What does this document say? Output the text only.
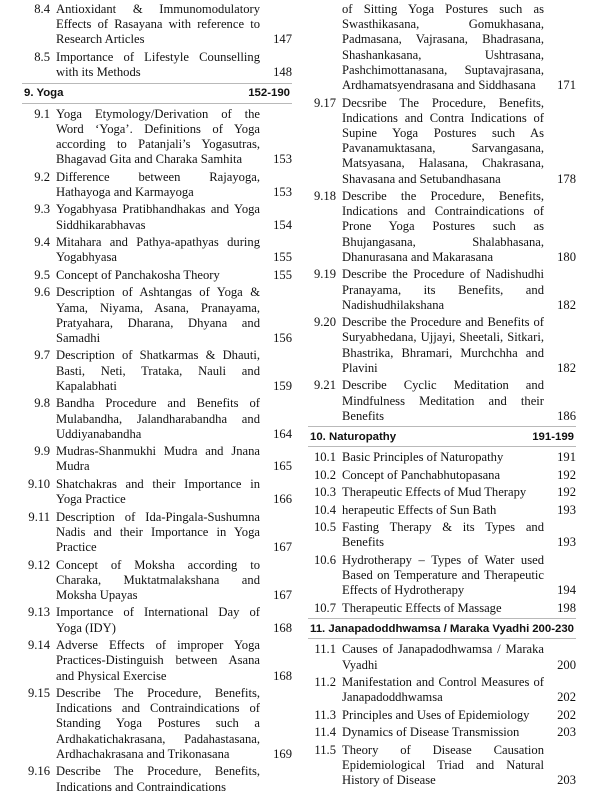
8.4 Antioxidant & Immunomodulatory Effects of Rasayana with reference to Research Articles	147
8.5 Importance of Lifestyle Counselling with its Methods	148
9. Yoga	152-190
9.1 Yoga Etymology/Derivation of the Word ‘Yoga’. Definitions of Yoga according to Patanjali’s Yogasutras, Bhagavad Gita and Charaka Samhita	153
9.2 Difference between Rajayoga, Hathayoga and Karmayoga	153
9.3 Yogabhyasa Pratibhandhakas and Yoga Siddhikarabhavas	154
9.4 Mitahara and Pathya-apathyas during Yogabhyasa	155
9.5 Concept of Panchakosha Theory	155
9.6 Description of Ashtangas of Yoga & Yama, Niyama, Asana, Pranayama, Pratyahara, Dharana, Dhyana and Samadhi	156
9.7 Description of Shatkarmas & Dhauti, Basti, Neti, Trataka, Nauli and Kapalabhati	159
9.8 Bandha Procedure and Benefits of Mulabandha, Jalandharabandha and Uddiyanabandha	164
9.9 Mudras-Shanmukhi Mudra and Jnana Mudra	165
9.10 Shatchakras and their Importance in Yoga Practice	166
9.11 Description of Ida-Pingala-Sushumna Nadis and their Importance in Yoga Practice	167
9.12 Concept of Moksha according to Charaka, Muktatmalakshana and Moksha Upayas	167
9.13 Importance of International Day of Yoga (IDY)	168
9.14 Adverse Effects of improper Yoga Practices-Distinguish between Asana and Physical Exercise	168
9.15 Describe The Procedure, Benefits, Indications and Contraindications of Standing Yoga Postures such a Ardhakatichakrasana, Padahastasana, Ardhachakrasana and Trikonasana	169
9.16 Describe The Procedure, Benefits, Indications and Contraindications
of Sitting Yoga Postures such as Swasthikasana, Gomukhasana, Padmasana, Vajrasana, Bhadrasana, Shashankasana, Ushtrasana, Pashchimottanasana, Suptavajrasana, Ardhamatsyendrasana and Siddhasana	171
9.17 Decsribe The Procedure, Benefits, Indications and Contra Indications of Supine Yoga Postures such As Pavanamuktasana, Sarvangasana, Matsyasana, Halasana, Chakrasana, Shavasana and Setubandhasana	178
9.18 Describe the Procedure, Benefits, Indications and Contraindications of Prone Yoga Postures such as Bhujangasana, Shalabhasana, Dhanurasana and Makarasana	180
9.19 Describe the Procedure of Nadishudhi Pranayama, its Benefits, and Nadishudhilakshana	182
9.20 Describe the Procedure and Benefits of Suryabhedana, Ujjayi, Sheetali, Sitkari, Bhastrika, Bhramari, Murchchha and Plavini	182
9.21 Describe Cyclic Meditation and Mindfulness Meditation and their Benefits	186
10. Naturopathy	191-199
10.1 Basic Principles of Naturopathy	191
10.2 Concept of Panchabhutopasana	192
10.3 Therapeutic Effects of Mud Therapy	192
10.4 herapeutic Effects of Sun Bath	193
10.5 Fasting Therapy & its Types and Benefits	193
10.6 Hydrotherapy – Types of Water used Based on Temperature and Therapeutic Effects of Hydrotherapy	194
10.7 Therapeutic Effects of Massage	198
11. Janapadoddhwamsa / Maraka Vyadhi 200-230
11.1 Causes of Janapadodhwamsa / Maraka Vyadhi	200
11.2 Manifestation and Control Measures of Janapadoddhwamsa	202
11.3 Principles and Uses of Epidemiology	202
11.4 Dynamics of Disease Transmission	203
11.5 Theory of Disease Causation Epidemiological Triad and Natural History of Disease	203
